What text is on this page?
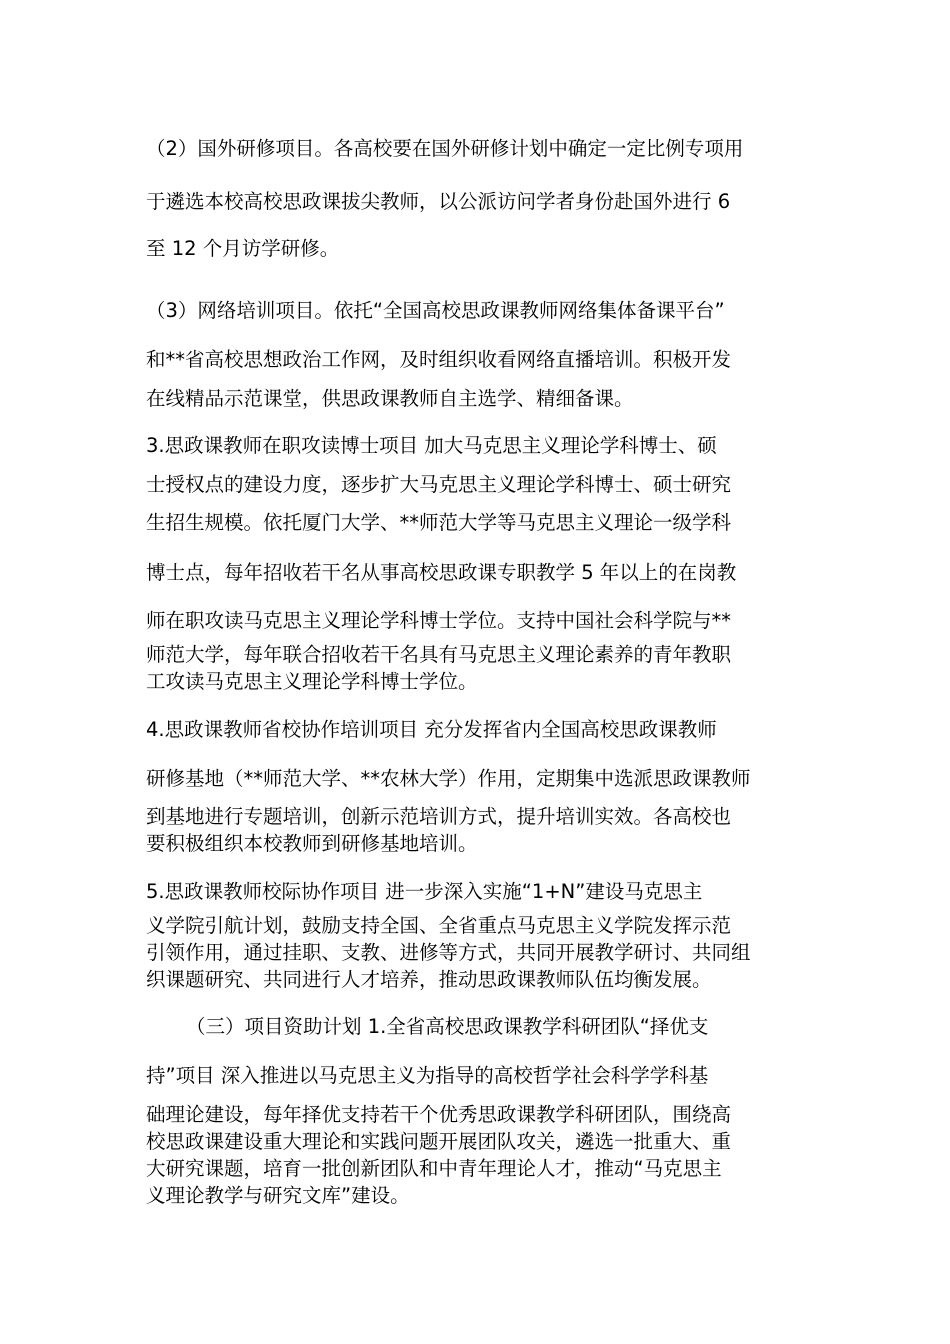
（2）国外研修项目。各高校要在国外研修计划中确定一定比例专项用

于遴选本校高校思政课拔尖教师，以公派访问学者身份赴国外进行 6

至 12 个月访学研修。

（3）网络培训项目。依托“全国高校思政课教师网络集体备课平台”

和**省高校思想政治工作网，及时组织收看网络直播培训。积极开发

在线精品示范课堂，供思政课教师自主选学、精细备课。

3.思政课教师在职攻读博士项目 加大马克思主义理论学科博士、硕

士授权点的建设力度，逐步扩大马克思主义理论学科博士、硕士研究

生招生规模。依托厦门大学、**师范大学等马克思主义理论一级学科

博士点，每年招收若干名从事高校思政课专职教学 5 年以上的在岗教

师在职攻读马克思主义理论学科博士学位。支持中国社会科学院与**

师范大学，每年联合招收若干名具有马克思主义理论素养的青年教职

工攻读马克思主义理论学科博士学位。

4.思政课教师省校协作培训项目 充分发挥省内全国高校思政课教师

研修基地（**师范大学、**农林大学）作用，定期集中选派思政课教师

到基地进行专题培训，创新示范培训方式，提升培训实效。各高校也

要积极组织本校教师到研修基地培训。

5.思政课教师校际协作项目 进一步深入实施“1+N”建设马克思主

义学院引航计划，鼓励支持全国、全省重点马克思主义学院发挥示范

引领作用，通过挂职、支教、进修等方式，共同开展教学研讨、共同组

织课题研究、共同进行人才培养，推动思政课教师队伍均衡发展。

（三）项目资助计划 1.全省高校思政课教学科研团队“择优支

持”项目 深入推进以马克思主义为指导的高校哲学社会科学学科基

础理论建设，每年择优支持若干个优秀思政课教学科研团队，围绕高

校思政课建设重大理论和实践问题开展团队攻关，遴选一批重大、重

大研究课题，培育一批创新团队和中青年理论人才，推动“马克思主

义理论教学与研究文库”建设。
